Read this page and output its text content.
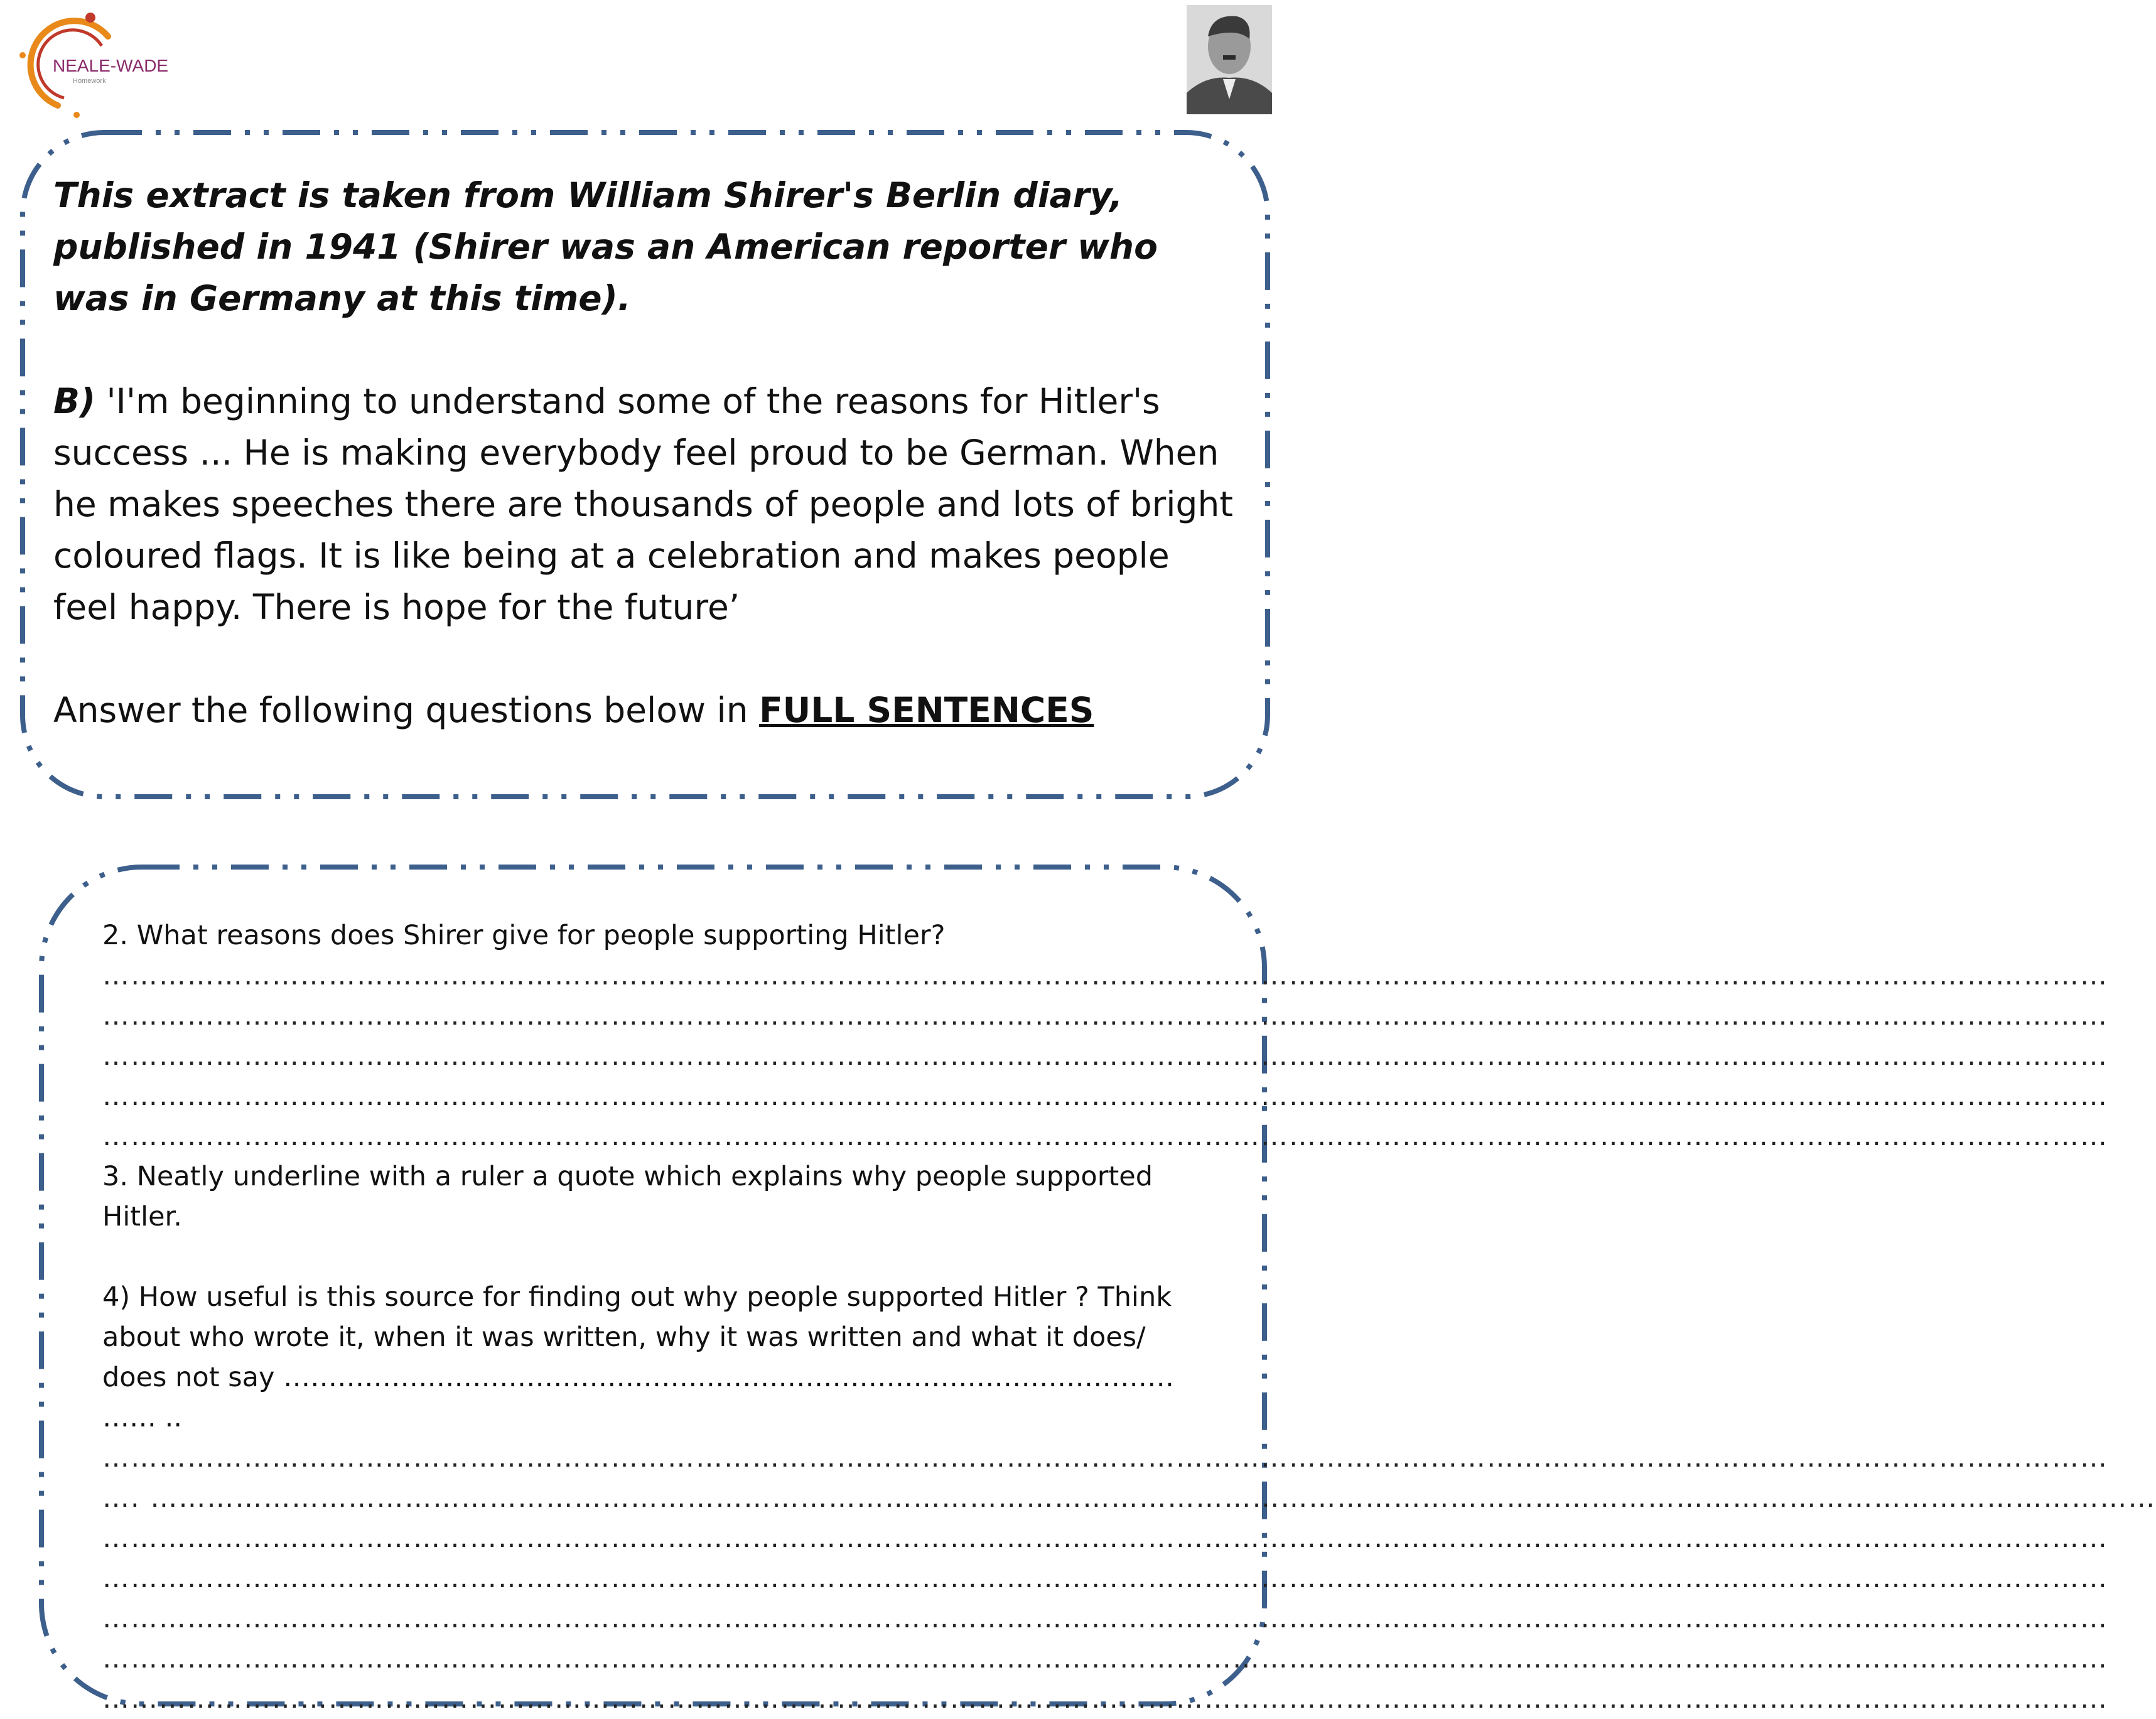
NEALE-WADE
Homework

This extract is taken from William Shirer's Berlin diary, published in 1941 (Shirer was an American reporter who was in Germany at this time).

B) 'I'm beginning to understand some of the reasons for Hitler's success ... He is making everybody feel proud to be German. When he makes speeches there are thousands of people and lots of bright coloured flags. It is like being at a celebration and makes people feel happy. There is hope for the future’

Answer the following questions below in FULL SENTENCES

2. What reasons does Shirer give for people supporting Hitler?

……………………………………………………………………………………………………………………………………………………………………………………………
……………………………………………………………………………………………………………………………………………………………………………………………
……………………………………………………………………………………………………………………………………………………………………………………………
……………………………………………………………………………………………………………………………………………………………………………………………
……………………………………………………………………………………………………………………………………………………………………………………………

3. Neatly underline with a ruler a quote which explains why people supported Hitler.

4) How useful is this source for finding out why people supported Hitler ? Think about who wrote it, when it was written, why it was written and what it does/ does not say ……………………………………………………………………………………… …… ..

……………………………………………………………………………………………………………………………………………………………………………………………
…. ……………………………………………………………………………………………………………………………………………………………………………………………
……………………………………………………………………………………………………………………………………………………………………………………………
……………………………………………………………………………………………………………………………………………………………………………………………
……………………………………………………………………………………………………………………………………………………………………………………………
……………………………………………………………………………………………………………………………………………………………………………………………
……………………………………………………………………………………………………………………………………………………………………………………………
